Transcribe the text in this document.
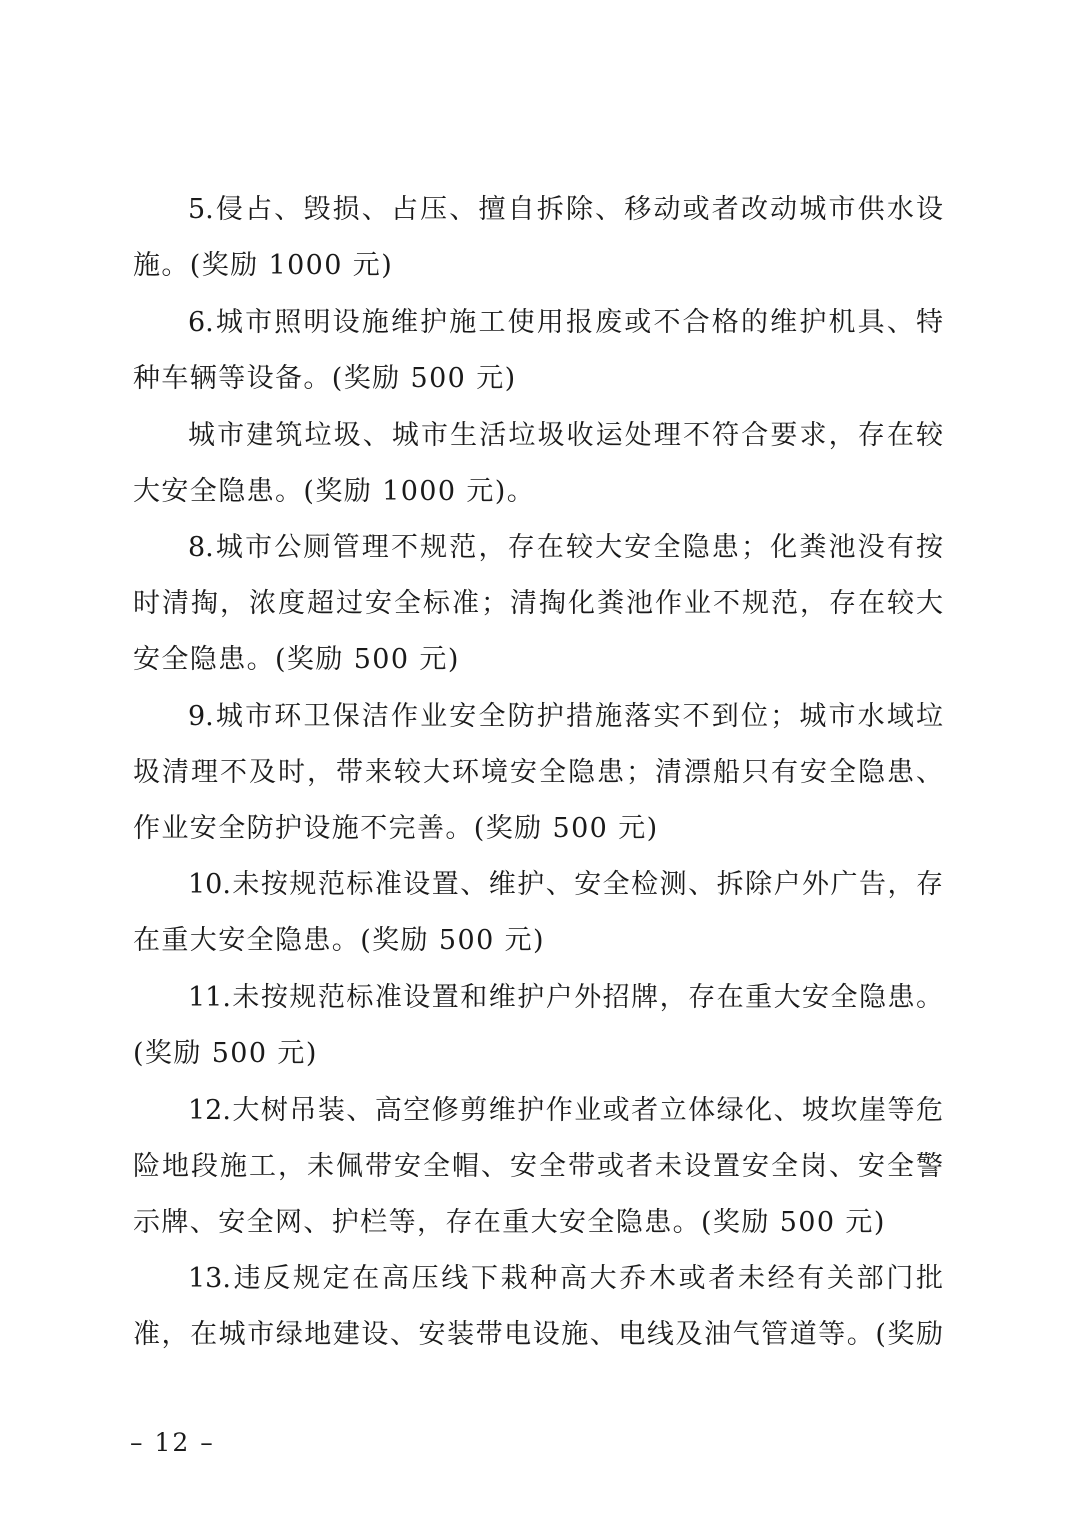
5.侵占、毁损、占压、擅自拆除、移动或者改动城市供水设
施。(奖励 1000 元)
6.城市照明设施维护施工使用报废或不合格的维护机具、特
种车辆等设备。(奖励 500 元)
城市建筑垃圾、城市生活垃圾收运处理不符合要求，存在较
大安全隐患。(奖励 1000 元)。
8.城市公厕管理不规范，存在较大安全隐患；化粪池没有按
时清掏，浓度超过安全标准；清掏化粪池作业不规范，存在较大
安全隐患。(奖励 500 元)
9.城市环卫保洁作业安全防护措施落实不到位；城市水域垃
圾清理不及时，带来较大环境安全隐患；清漂船只有安全隐患、
作业安全防护设施不完善。(奖励 500 元)
10.未按规范标准设置、维护、安全检测、拆除户外广告，存
在重大安全隐患。(奖励 500 元)
11.未按规范标准设置和维护户外招牌，存在重大安全隐患。
(奖励 500 元)
12.大树吊装、高空修剪维护作业或者立体绿化、坡坎崖等危
险地段施工，未佩带安全帽、安全带或者未设置安全岗、安全警
示牌、安全网、护栏等，存在重大安全隐患。(奖励 500 元)
13.违反规定在高压线下栽种高大乔木或者未经有关部门批
准，在城市绿地建设、安装带电设施、电线及油气管道等。(奖励
– 12 –
